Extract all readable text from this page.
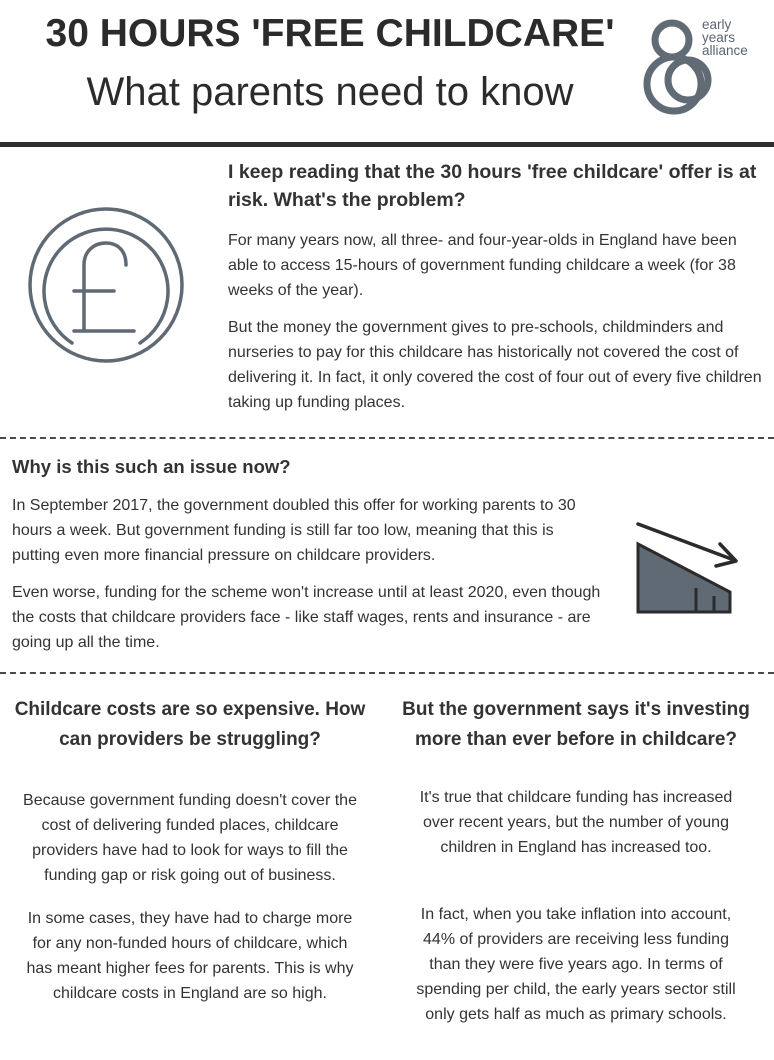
30 HOURS 'FREE CHILDCARE'
What parents need to know
early
years
alliance
I keep reading that the 30 hours 'free childcare' offer is at risk. What's the problem?

For many years now, all three- and four-year-olds in England have been able to access 15-hours of government funding childcare a week (for 38 weeks of the year).

But the money the government gives to pre-schools, childminders and nurseries to pay for this childcare has historically not covered the cost of delivering it. In fact, it only covered the cost of four out of every five children taking up funding places.

Why is this such an issue now?

In September 2017, the government doubled this offer for working parents to 30 hours a week. But government funding is still far too low, meaning that this is putting even more financial pressure on childcare providers.

Even worse, funding for the scheme won't increase until at least 2020, even though the costs that childcare providers face - like staff wages, rents and insurance - are going up all the time.

Childcare costs are so expensive. How can providers be struggling?

Because government funding doesn't cover the cost of delivering funded places, childcare providers have had to look for ways to fill the funding gap or risk going out of business.

In some cases, they have had to charge more for any non-funded hours of childcare, which has meant higher fees for parents. This is why childcare costs in England are so high.

But the government says it's investing more than ever before in childcare?

It's true that childcare funding has increased over recent years, but the number of young children in England has increased too.

In fact, when you take inflation into account, 44% of providers are receiving less funding than they were five years ago. In terms of spending per child, the early years sector still only gets half as much as primary schools.
